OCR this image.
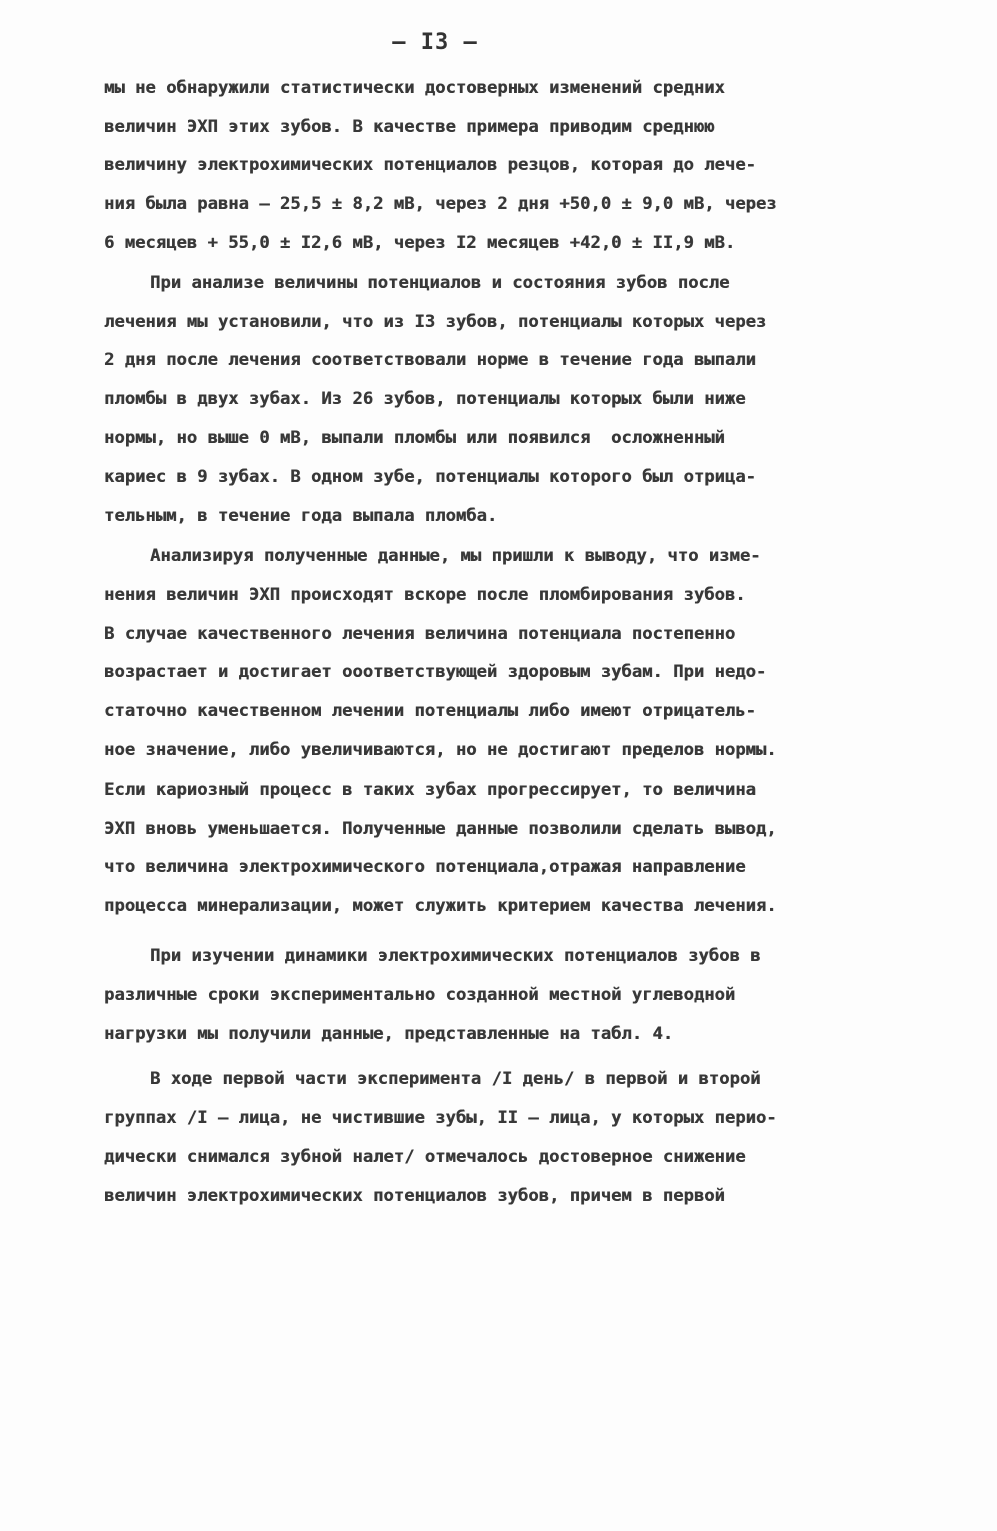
– I3 –
мы не обнаружили статистически достоверных изменений средних
величин ЭХП этих зубов. В качестве примера приводим среднюю
величину электрохимических потенциалов резцов, которая до лече-
ния была равна – 25,5 ± 8,2 мВ, через 2 дня +50,0 ± 9,0 мВ, через
6 месяцев + 55,0 ± I2,6 мВ, через I2 месяцев +42,0 ± II,9 мВ.
При анализе величины потенциалов и состояния зубов после
лечения мы установили, что из I3 зубов, потенциалы которых через
2 дня после лечения соответствовали норме в течение года выпали
пломбы в двух зубах. Из 26 зубов, потенциалы которых были ниже
нормы, но выше 0 мВ, выпали пломбы или появился  осложненный
кариес в 9 зубах. В одном зубе, потенциалы которого был отрица-
тельным, в течение года выпала пломба.
Анализируя полученные данные, мы пришли к выводу, что изме-
нения величин ЭХП происходят вскоре после пломбирования зубов.
В случае качественного лечения величина потенциала постепенно
возрастает и достигает ооответствующей здоровым зубам. При недо-
статочно качественном лечении потенциалы либо имеют отрицатель-
ное значение, либо увеличиваются, но не достигают пределов нормы.
Если кариозный процесс в таких зубах прогрессирует, то величина
ЭХП вновь уменьшается. Полученные данные позволили сделать вывод,
что величина электрохимического потенциала,отражая направление
процесса минерализации, может служить критерием качества лечения.
При изучении динамики электрохимических потенциалов зубов в
различные сроки экспериментально созданной местной углеводной
нагрузки мы получили данные, представленные на табл. 4.
В ходе первой части эксперимента /I день/ в первой и второй
группах /I – лица, не чистившие зубы, II – лица, у которых перио-
дически снимался зубной налет/ отмечалось достоверное снижение
величин электрохимических потенциалов зубов, причем в первой
